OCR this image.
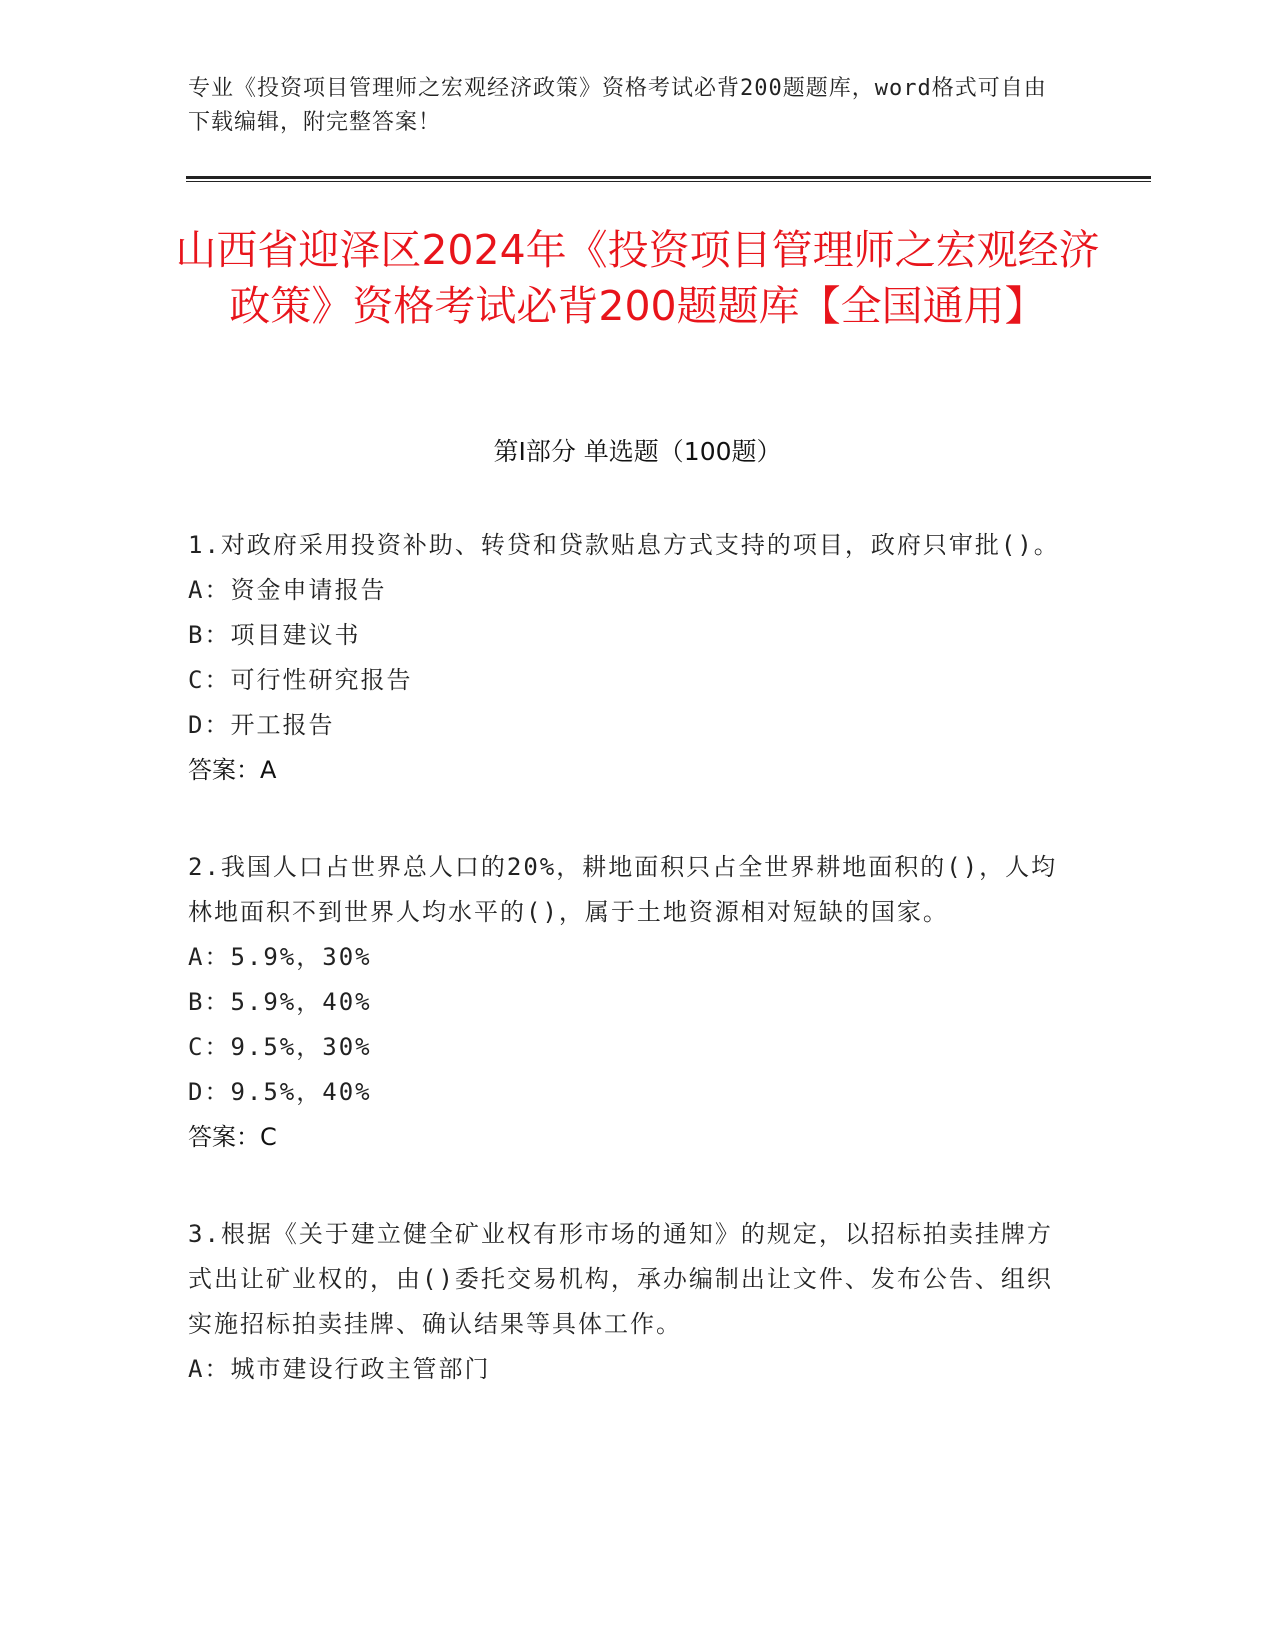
专业《投资项目管理师之宏观经济政策》资格考试必背200题题库，word格式可自由下载编辑，附完整答案！
山西省迎泽区2024年《投资项目管理师之宏观经济政策》资格考试必背200题题库【全国通用】
第I部分 单选题（100题）
1.对政府采用投资补助、转贷和贷款贴息方式支持的项目，政府只审批()。
A：资金申请报告
B：项目建议书
C：可行性研究报告
D：开工报告
答案：A
2.我国人口占世界总人口的20%，耕地面积只占全世界耕地面积的()，人均林地面积不到世界人均水平的()，属于土地资源相对短缺的国家。
A：5.9%，30%
B：5.9%，40%
C：9.5%，30%
D：9.5%，40%
答案：C
3.根据《关于建立健全矿业权有形市场的通知》的规定，以招标拍卖挂牌方式出让矿业权的，由()委托交易机构，承办编制出让文件、发布公告、组织实施招标拍卖挂牌、确认结果等具体工作。
A：城市建设行政主管部门
